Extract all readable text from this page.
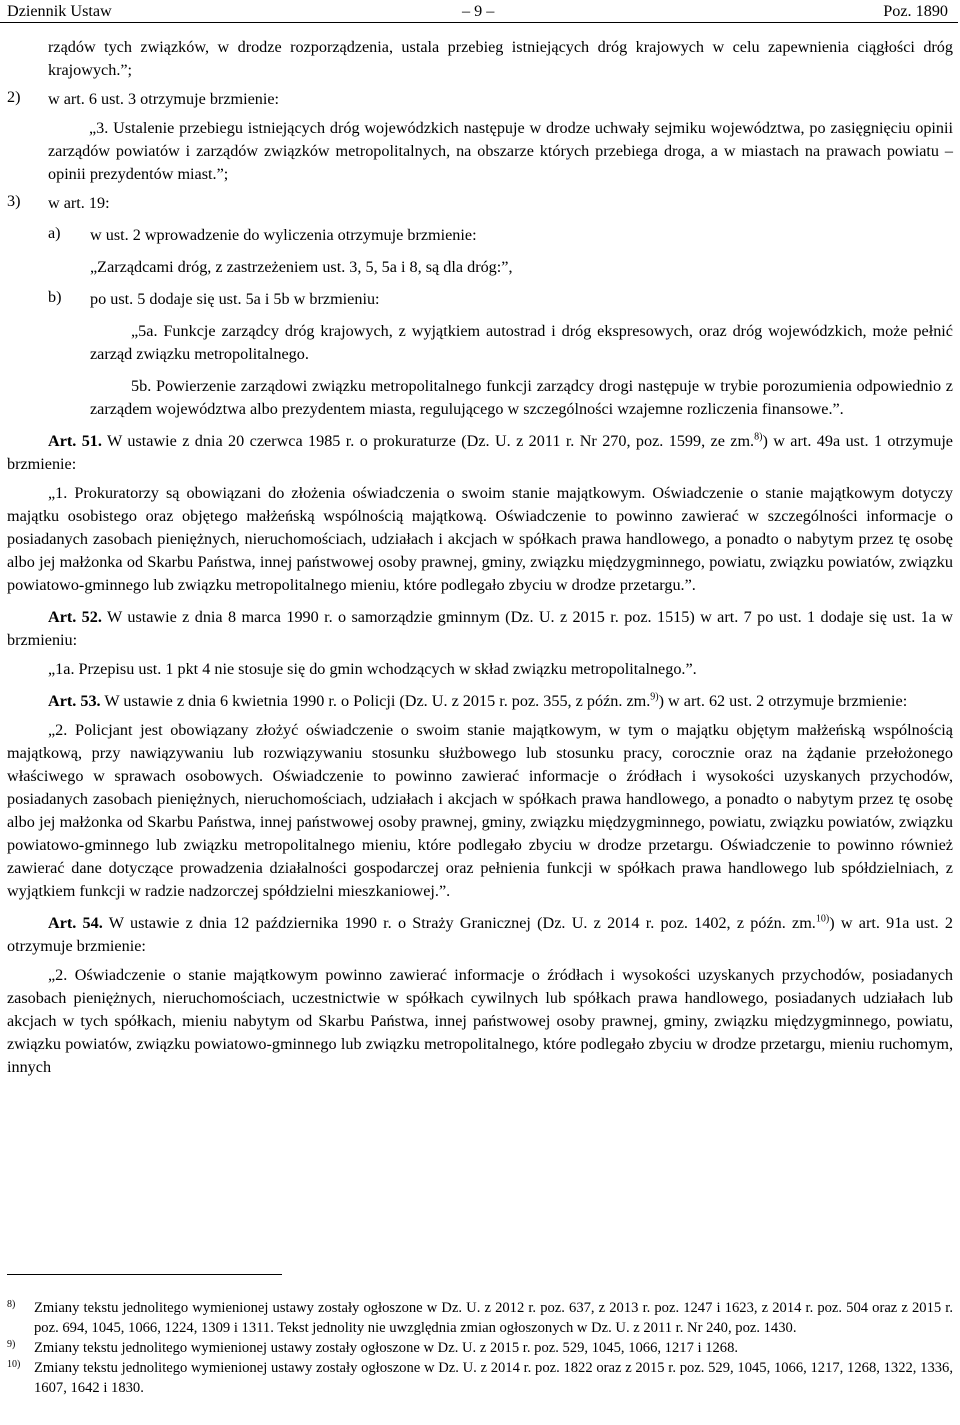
Dziennik Ustaw	– 9 –	Poz. 1890

rządów tych związków, w drodze rozporządzenia, ustala przebieg istniejących dróg krajowych w celu zapewnienia ciągłości dróg krajowych.”;

2)	w art. 6 ust. 3 otrzymuje brzmienie:

„3. Ustalenie przebiegu istniejących dróg wojewódzkich następuje w drodze uchwały sejmiku województwa, po zasięgnięciu opinii zarządów powiatów i zarządów związków metropolitalnych, na obszarze których przebiega droga, a w miastach na prawach powiatu – opinii prezydentów miast.”;

3)	w art. 19:

a)	w ust. 2 wprowadzenie do wyliczenia otrzymuje brzmienie:

„Zarządcami dróg, z zastrzeżeniem ust. 3, 5, 5a i 8, są dla dróg:”,

b)	po ust. 5 dodaje się ust. 5a i 5b w brzmieniu:

„5a. Funkcje zarządcy dróg krajowych, z wyjątkiem autostrad i dróg ekspresowych, oraz dróg wojewódzkich, może pełnić zarząd związku metropolitalnego.

5b. Powierzenie zarządowi związku metropolitalnego funkcji zarządcy drogi następuje w trybie porozumienia odpowiednio z zarządem województwa albo prezydentem miasta, regulującego w szczególności wzajemne rozliczenia finansowe.”.

Art. 51. W ustawie z dnia 20 czerwca 1985 r. o prokuraturze (Dz. U. z 2011 r. Nr 270, poz. 1599, ze zm.$^{8)}$) w art. 49a ust. 1 otrzymuje brzmienie:

„1. Prokuratorzy są obowiązani do złożenia oświadczenia o swoim stanie majątkowym. Oświadczenie o stanie majątkowym dotyczy majątku osobistego oraz objętego małżeńską wspólnością majątkową. Oświadczenie to powinno zawierać w szczególności informacje o posiadanych zasobach pieniężnych, nieruchomościach, udziałach i akcjach w spółkach prawa handlowego, a ponadto o nabytym przez tę osobę albo jej małżonka od Skarbu Państwa, innej państwowej osoby prawnej, gminy, związku międzygminnego, powiatu, związku powiatów, związku powiatowo-gminnego lub związku metropolitalnego mieniu, które podlegało zbyciu w drodze przetargu.”.

Art. 52. W ustawie z dnia 8 marca 1990 r. o samorządzie gminnym (Dz. U. z 2015 r. poz. 1515) w art. 7 po ust. 1 dodaje się ust. 1a w brzmieniu:

„1a. Przepisu ust. 1 pkt 4 nie stosuje się do gmin wchodzących w skład związku metropolitalnego.”.

Art. 53. W ustawie z dnia 6 kwietnia 1990 r. o Policji (Dz. U. z 2015 r. poz. 355, z późn. zm.$^{9)}$) w art. 62 ust. 2 otrzymuje brzmienie:

„2. Policjant jest obowiązany złożyć oświadczenie o swoim stanie majątkowym, w tym o majątku objętym małżeńską wspólnością majątkową, przy nawiązywaniu lub rozwiązywaniu stosunku służbowego lub stosunku pracy, corocznie oraz na żądanie przełożonego właściwego w sprawach osobowych. Oświadczenie to powinno zawierać informacje o źródłach i wysokości uzyskanych przychodów, posiadanych zasobach pieniężnych, nieruchomościach, udziałach i akcjach w spółkach prawa handlowego, a ponadto o nabytym przez tę osobę albo jej małżonka od Skarbu Państwa, innej państwowej osoby prawnej, gminy, związku międzygminnego, powiatu, związku powiatów, związku powiatowo-gminnego lub związku metropolitalnego mieniu, które podlegało zbyciu w drodze przetargu. Oświadczenie to powinno również zawierać dane dotyczące prowadzenia działalności gospodarczej oraz pełnienia funkcji w spółkach prawa handlowego lub spółdzielniach, z wyjątkiem funkcji w radzie nadzorczej spółdzielni mieszkaniowej.”.

Art. 54. W ustawie z dnia 12 października 1990 r. o Straży Granicznej (Dz. U. z 2014 r. poz. 1402, z późn. zm.$^{10)}$) w art. 91a ust. 2 otrzymuje brzmienie:

„2. Oświadczenie o stanie majątkowym powinno zawierać informacje o źródłach i wysokości uzyskanych przychodów, posiadanych zasobach pieniężnych, nieruchomościach, uczestnictwie w spółkach cywilnych lub spółkach prawa handlowego, posiadanych udziałach lub akcjach w tych spółkach, mieniu nabytym od Skarbu Państwa, innej państwowej osoby prawnej, gminy, związku międzygminnego, powiatu, związku powiatów, związku powiatowo-gminnego lub związku metropolitalnego, które podlegało zbyciu w drodze przetargu, mieniu ruchomym, innych

8)	Zmiany tekstu jednolitego wymienionej ustawy zostały ogłoszone w Dz. U. z 2012 r. poz. 637, z 2013 r. poz. 1247 i 1623, z 2014 r. poz. 504 oraz z 2015 r. poz. 694, 1045, 1066, 1224, 1309 i 1311. Tekst jednolity nie uwzględnia zmian ogłoszonych w Dz. U. z 2011 r. Nr 240, poz. 1430.
9)	Zmiany tekstu jednolitego wymienionej ustawy zostały ogłoszone w Dz. U. z 2015 r. poz. 529, 1045, 1066, 1217 i 1268.
10) Zmiany tekstu jednolitego wymienionej ustawy zostały ogłoszone w Dz. U. z 2014 r. poz. 1822 oraz z 2015 r. poz. 529, 1045, 1066, 1217, 1268, 1322, 1336, 1607, 1642 i 1830.
